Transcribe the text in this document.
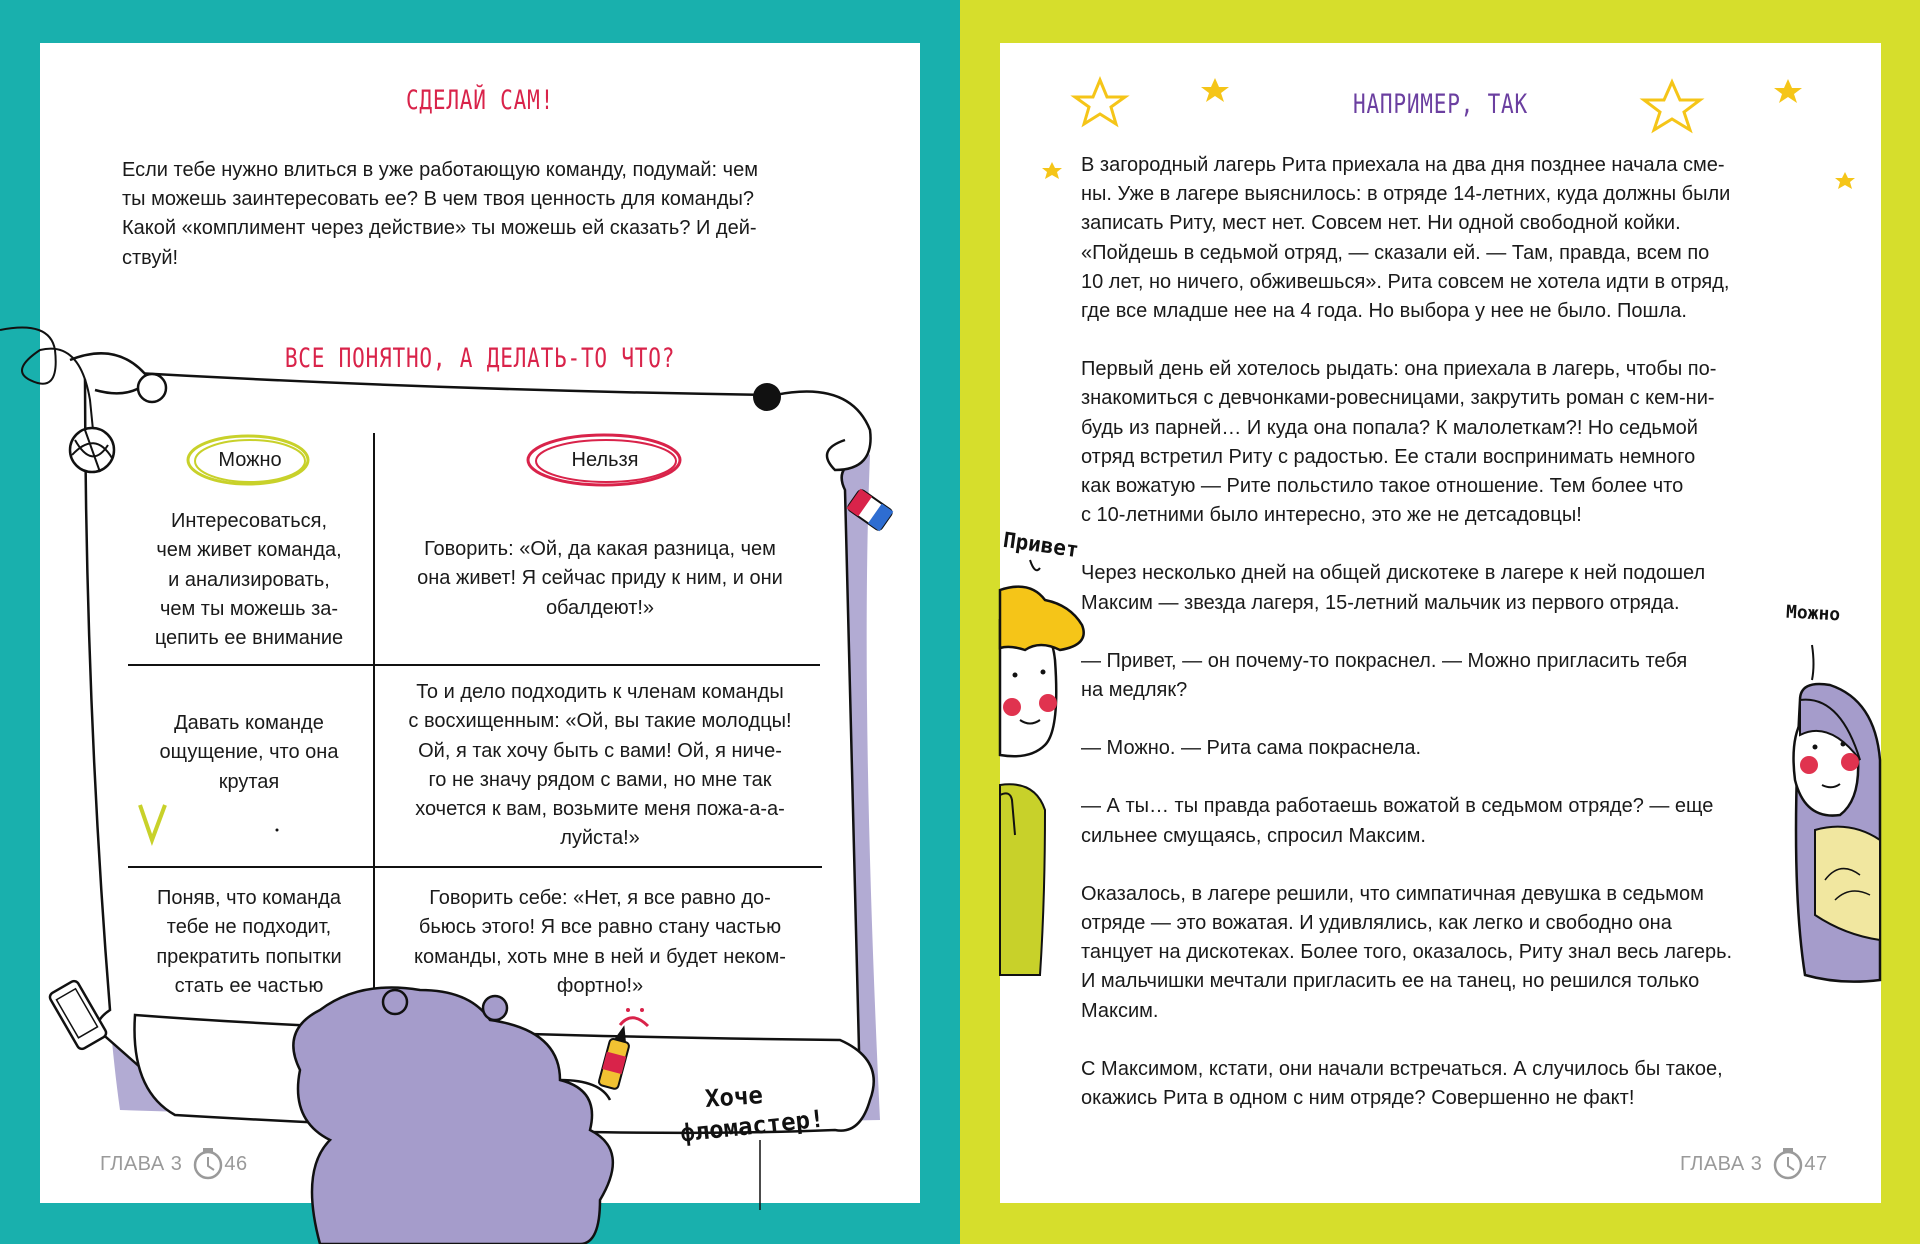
СДЕЛАЙ САМ!
Если тебе нужно влиться в уже работающую команду, подумай: чем
ты можешь заинтересовать ее? В чем твоя ценность для команды?
Какой «комплимент через действие» ты можешь ей сказать? И дей-
ствуй!
ВСЕ ПОНЯТНО, А ДЕЛАТЬ-ТО ЧТО?
НАПРИМЕР, ТАК
В загородный лагерь Рита приехала на два дня позднее начала сме-
ны. Уже в лагере выяснилось: в отряде 14-летних, куда должны были
записать Риту, мест нет. Совсем нет. Ни одной свободной койки.
«Пойдешь в седьмой отряд, — сказали ей. — Там, правда, всем по
10 лет, но ничего, обживешься». Рита совсем не хотела идти в отряд,
где все младше нее на 4 года. Но выбора у нее не было. Пошла.
Первый день ей хотелось рыдать: она приехала в лагерь, чтобы по-
знакомиться с девчонками-ровесницами, закрутить роман с кем-ни-
будь из парней… И куда она попала? К малолеткам?! Но седьмой
отряд встретил Риту с радостью. Ее стали воспринимать немного
как вожатую — Рите польстило такое отношение. Тем более что
с 10-летними было интересно, это же не детсадовцы!
Через несколько дней на общей дискотеке в лагере к ней подошел
Максим — звезда лагеря, 15-летний мальчик из первого отряда.
— Привет, — он почему-то покраснел. — Можно пригласить тебя
на медляк?
— Можно. — Рита сама покраснела.
— А ты… ты правда работаешь вожатой в седьмом отряде? — еще
сильнее смущаясь, спросил Максим.
Оказалось, в лагере решили, что симпатичная девушка в седьмом
отряде — это вожатая. И удивлялись, как легко и свободно она
танцует на дискотеках. Более того, оказалось, Риту знал весь лагерь.
И мальчишки мечтали пригласить ее на танец, но решился только
Максим.
С Максимом, кстати, они начали встречаться. А случилось бы такое,
окажись Рита в одном с ним отряде? Совершенно не факт!
Можно	Нельзя
Интересоваться,
чем живет команда,
и анализировать,
чем ты можешь за-
цепить ее внимание
Говорить: «Ой, да какая разница, чем
она живет! Я сейчас приду к ним, и они
обалдеют!»
Давать команде
ощущение, что она
крутая
То и дело подходить к членам команды
с восхищенным: «Ой, вы такие молодцы!
Ой, я так хочу быть с вами! Ой, я ниче-
го не значу рядом с вами, но мне так
хочется к вам, возьмите меня пожа-а-а-
луйста!»
Поняв, что команда
тебе не подходит,
прекратить попытки
стать ее частью
Говорить себе: «Нет, я все равно до-
бьюсь этого! Я все равно стану частью
команды, хоть мне в ней и будет неком-
фортно!»
Хоче
фломастер!
Привет
Можно
ГЛАВА 3 46	ГЛАВА 3 47
